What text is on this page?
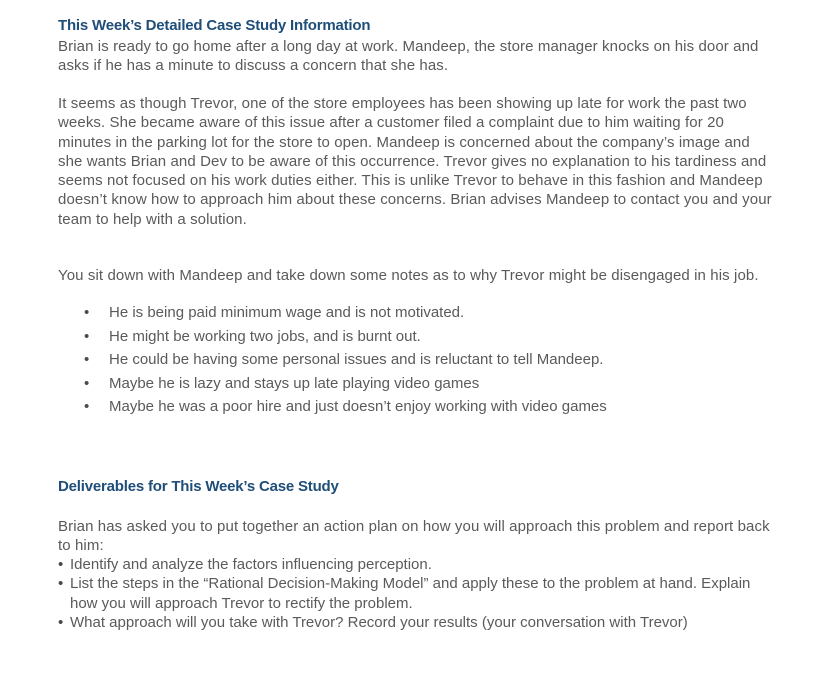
This Week’s Detailed Case Study Information

Brian is ready to go home after a long day at work. Mandeep, the store manager knocks on his door and asks if he has a minute to discuss a concern that she has.

It seems as though Trevor, one of the store employees has been showing up late for work the past two weeks. She became aware of this issue after a customer filed a complaint due to him waiting for 20 minutes in the parking lot for the store to open. Mandeep is concerned about the company’s image and she wants Brian and Dev to be aware of this occurrence. Trevor gives no explanation to his tardiness and seems not focused on his work duties either. This is unlike Trevor to behave in this fashion and Mandeep doesn’t know how to approach him about these concerns. Brian advises Mandeep to contact you and your team to help with a solution.

You sit down with Mandeep and take down some notes as to why Trevor might be disengaged in his job.

• He is being paid minimum wage and is not motivated.
• He might be working two jobs, and is burnt out.
• He could be having some personal issues and is reluctant to tell Mandeep.
• Maybe he is lazy and stays up late playing video games
• Maybe he was a poor hire and just doesn’t enjoy working with video games
Deliverables for This Week’s Case Study

Brian has asked you to put together an action plan on how you will approach this problem and report back to him:

• Identify and analyze the factors influencing perception.
• List the steps in the “Rational Decision-Making Model” and apply these to the problem at hand. Explain how you will approach Trevor to rectify the problem.
• What approach will you take with Trevor? Record your results (your conversation with Trevor)
